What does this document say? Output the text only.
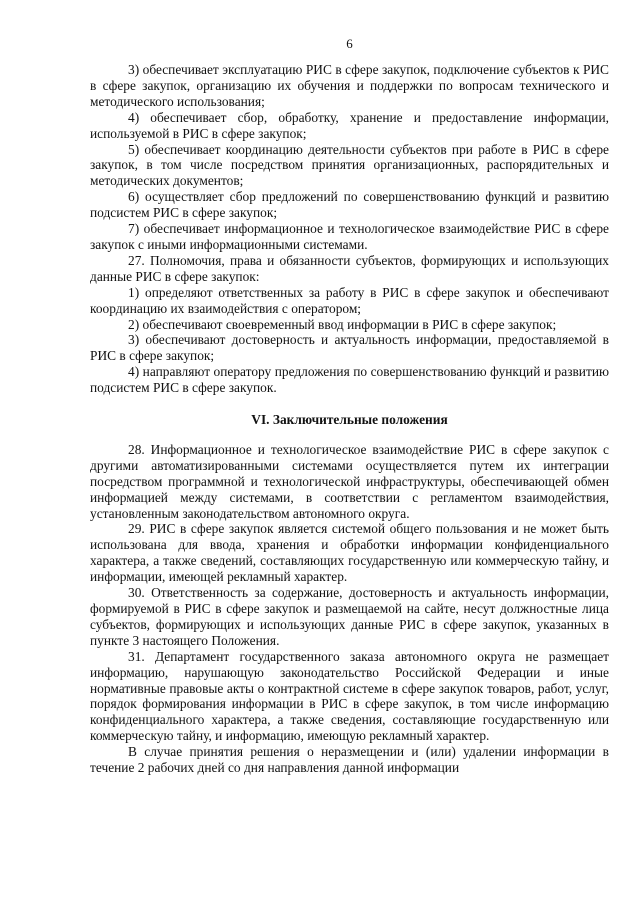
6

3) обеспечивает эксплуатацию РИС в сфере закупок, подключение субъектов к РИС в сфере закупок, организацию их обучения и поддержки по вопросам технического и методического использования;

4) обеспечивает сбор, обработку, хранение и предоставление информации, используемой в РИС в сфере закупок;

5) обеспечивает координацию деятельности субъектов при работе в РИС в сфере закупок, в том числе посредством принятия организационных, распорядительных и методических документов;

6) осуществляет сбор предложений по совершенствованию функций и развитию подсистем РИС в сфере закупок;

7) обеспечивает информационное и технологическое взаимодействие РИС в сфере закупок с иными информационными системами.

27. Полномочия, права и обязанности субъектов, формирующих и использующих данные РИС в сфере закупок:

1) определяют ответственных за работу в РИС в сфере закупок и обеспечивают координацию их взаимодействия с оператором;

2) обеспечивают своевременный ввод информации в РИС в сфере закупок;

3) обеспечивают достоверность и актуальность информации, предоставляемой в РИС в сфере закупок;

4) направляют оператору предложения по совершенствованию функций и развитию подсистем РИС в сфере закупок.

VI. Заключительные положения

28. Информационное и технологическое взаимодействие РИС в сфере закупок с другими автоматизированными системами осуществляется путем их интеграции посредством программной и технологической инфраструктуры, обеспечивающей обмен информацией между системами, в соответствии с регламентом взаимодействия, установленным законодательством автономного округа.

29. РИС в сфере закупок является системой общего пользования и не может быть использована для ввода, хранения и обработки информации конфиденциального характера, а также сведений, составляющих государственную или коммерческую тайну, и информации, имеющей рекламный характер.

30. Ответственность за содержание, достоверность и актуальность информации, формируемой в РИС в сфере закупок и размещаемой на сайте, несут должностные лица субъектов, формирующих и использующих данные РИС в сфере закупок, указанных в пункте 3 настоящего Положения.

31. Департамент государственного заказа автономного округа не размещает информацию, нарушающую законодательство Российской Федерации и иные нормативные правовые акты о контрактной системе в сфере закупок товаров, работ, услуг, порядок формирования информации в РИС в сфере закупок, в том числе информацию конфиденциального характера, а также сведения, составляющие государственную или коммерческую тайну, и информацию, имеющую рекламный характер.

В случае принятия решения о неразмещении и (или) удалении информации в течение 2 рабочих дней со дня направления данной информации
